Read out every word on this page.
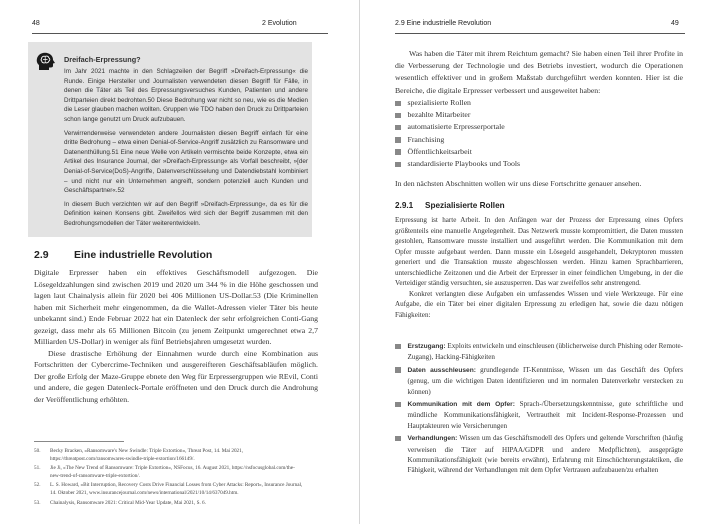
48	2 Evolution
Dreifach-Erpressung?

Im Jahr 2021 machte in den Schlagzeilen der Begriff »Dreifach-Erpressung« die Runde. Einige Hersteller und Journalisten verwendeten diesen Begriff für Fälle, in denen die Täter als Teil des Erpressungsversuches Kunden, Patienten und andere Drittparteien direkt bedrohten.50 Diese Bedrohung war nicht so neu, wie es die Medien die Leser glauben machen wollten. Gruppen wie TDO haben den Druck zu Drittparteien schon lange genutzt um Druck aufzubauen.

Verwirrenderweise verwendeten andere Journalisten diesen Begriff einfach für eine dritte Bedrohung – etwa einen Denial-of-Service-Angriff zusätzlich zu Ransomware und Datenenthüllung.51 Eine neue Welle von Artikeln vermischte beide Konzepte, etwa ein Artikel des Insurance Journal, der »Dreifach-Erpressung« als Vorfall beschreibt, »[der Denial-of-Service(DoS)-Angriffe, Datenverschlüsselung und Datendiebstahl kombiniert – und nicht nur ein Unternehmen angreift, sondern potenziell auch Kunden und Geschäftspartner«.52

In diesem Buch verzichten wir auf den Begriff »Dreifach-Erpressung«, da es für die Definition keinen Konsens gibt. Zweifellos wird sich der Begriff zusammen mit den Bedrohungsmodellen der Täter weiterentwickeln.

2.9 Eine industrielle Revolution

Digitale Erpresser haben ein effektives Geschäftsmodell aufgezogen. Die Lösegeldzahlungen sind zwischen 2019 und 2020 um 344 % in die Höhe geschossen und lagen laut Chainalysis allein für 2020 bei 406 Millionen US-Dollar.53 (Die Kriminellen haben mit Sicherheit mehr eingenommen, da die Wallet-Adressen vieler Täter bis heute unbekannt sind.) Ende Februar 2022 hat ein Datenleck der sehr erfolgreichen Conti-Gang gezeigt, dass mehr als 65 Millionen Bitcoin (zu jenem Zeitpunkt umgerechnet etwa 2,7 Milliarden US-Dollar) in weniger als fünf Betriebsjahren umgesetzt wurden.

Diese drastische Erhöhung der Einnahmen wurde durch eine Kombination aus Fortschritten der Cybercrime-Techniken und ausgereifteren Geschäftsabläufen möglich. Der große Erfolg der Maze-Gruppe ebnete den Weg für Erpressergruppen wie REvil, Conti und andere, die gegen Datenleck-Portale eröffneten und den Druck durch die Androhung der Veröffentlichung erhöhten.

50.	Becky Bracken, »Ransomware's New Swindle: Triple Extortion«, Threat Post, 14. Mai 2021, https://threatpost.com/ransomwares-swindle-triple-extortion/166149/.
51.	Jie Ji, »The New Trend of Ransomware: Triple Extortion«, NSFocus, 16. August 2021, https://nsfocusglobal.com/the-new-trend-of-ransomware-triple-extortion/.
52.	L. S. Howard, »Bit Interruption, Recovery Costs Drive Financial Losses from Cyber Attacks: Report«, Insurance Journal, 14. Oktober 2021, www.insurancejournal.com/news/international/2021/10/14/637049.htm.
53.	Chainalysis, Ransomware 2021: Critical Mid-Year Update, Mai 2021, S. 6.
2.9 Eine industrielle Revolution	49

Was haben die Täter mit ihrem Reichtum gemacht? Sie haben einen Teil ihrer Profite in die Verbesserung der Technologie und des Betriebs investiert, wodurch die Operationen wesentlich effektiver und in großem Maßstab durchgeführt werden konnten. Hier ist die Bereiche, die digitale Erpresser verbessert und ausgeweitet haben:

spezialisierte Rollen
bezahlte Mitarbeiter
automatisierte Erpresserportale
Franchising
Öffentlichkeitsarbeit
standardisierte Playbooks und Tools

In den nächsten Abschnitten wollen wir uns diese Fortschritte genauer ansehen.

2.9.1 Spezialisierte Rollen

Erpressung ist harte Arbeit. In den Anfängen war der Prozess der Erpressung eines Opfers größtenteils eine manuelle Angelegenheit. Das Netzwerk musste kompromittiert, die Daten mussten gestohlen, Ransomware musste installiert und ausgeführt werden. Die Kommunikation mit dem Opfer musste aufgebaut werden. Dann musste ein Lösegeld ausgehandelt, Dekryptoren mussten generiert und die Transaktion musste abgeschlossen werden. Hinzu kamen Sprachbarrieren, unterschiedliche Zeitzonen und die Arbeit der Erpresser in einer feindlichen Umgebung, in der die Verteidiger ständig versuchten, sie auszusperren. Das war zweifellos sehr anstrengend.

Konkret verlangten diese Aufgaben ein umfassendes Wissen und viele Werkzeuge. Für eine Aufgabe, die ein Täter bei einer digitalen Erpressung zu erledigen hat, sowie die dazu nötigen Fähigkeiten:

Erstzugang: Exploits entwickeln und einschleusen (üblicherweise durch Phishing oder Remote-Zugang), Hacking-Fähigkeiten
Daten ausschleusen: grundlegende IT-Kenntnisse, Wissen um das Geschäft des Opfers (genug, um die wichtigen Daten identifizieren und im normalen Datenverkehr verstecken zu können)
Kommunikation mit dem Opfer: Sprach-/Übersetzungskenntnisse, gute schriftliche und mündliche Kommunikationsfähigkeit, Vertrautheit mit Incident-Response-Prozessen und Hauptakteuren wie Versicherungen
Verhandlungen: Wissen um das Geschäftsmodell des Opfers und geltende Vorschriften (häufig verweisen die Täter auf HIPAA/GDPR und andere Medpflichten), ausgeprägte Kommunikationsfähigkeit (wie bereits erwähnt), Erfahrung mit Einschüchterungstaktiken, die Fähigkeit, während der Verhandlungen mit dem Opfer Vertrauen aufzubauen/zu erhalten
